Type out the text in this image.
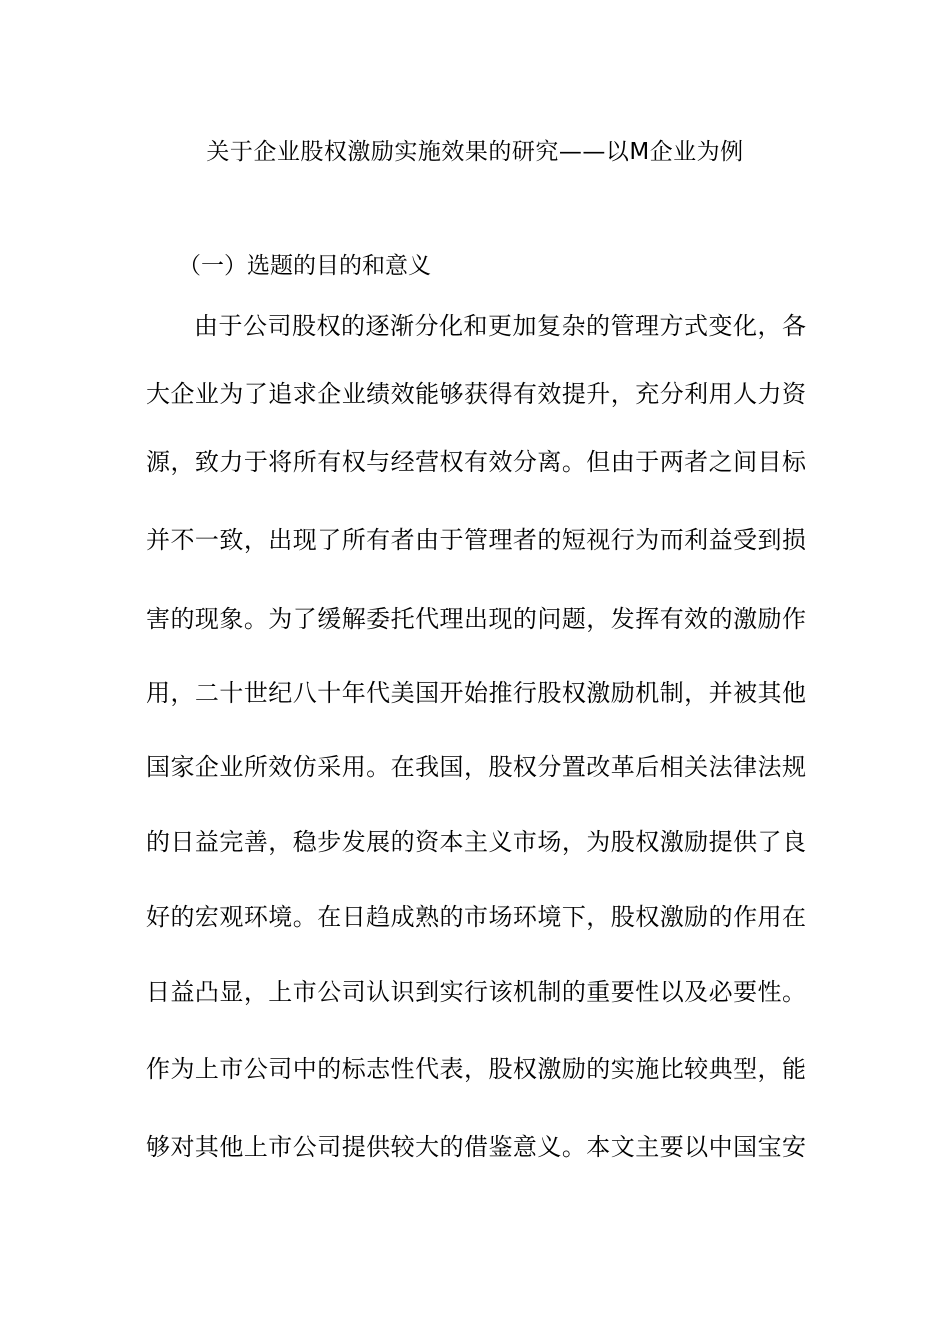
关于企业股权激励实施效果的研究——以M企业为例
（一）选题的目的和意义
由于公司股权的逐渐分化和更加复杂的管理方式变化，各
大企业为了追求企业绩效能够获得有效提升，充分利用人力资
源，致力于将所有权与经营权有效分离。但由于两者之间目标
并不一致，出现了所有者由于管理者的短视行为而利益受到损
害的现象。为了缓解委托代理出现的问题，发挥有效的激励作
用，二十世纪八十年代美国开始推行股权激励机制，并被其他
国家企业所效仿采用。在我国，股权分置改革后相关法律法规
的日益完善，稳步发展的资本主义市场，为股权激励提供了良
好的宏观环境。在日趋成熟的市场环境下，股权激励的作用在
日益凸显，上市公司认识到实行该机制的重要性以及必要性。
作为上市公司中的标志性代表，股权激励的实施比较典型，能
够对其他上市公司提供较大的借鉴意义。本文主要以中国宝安
